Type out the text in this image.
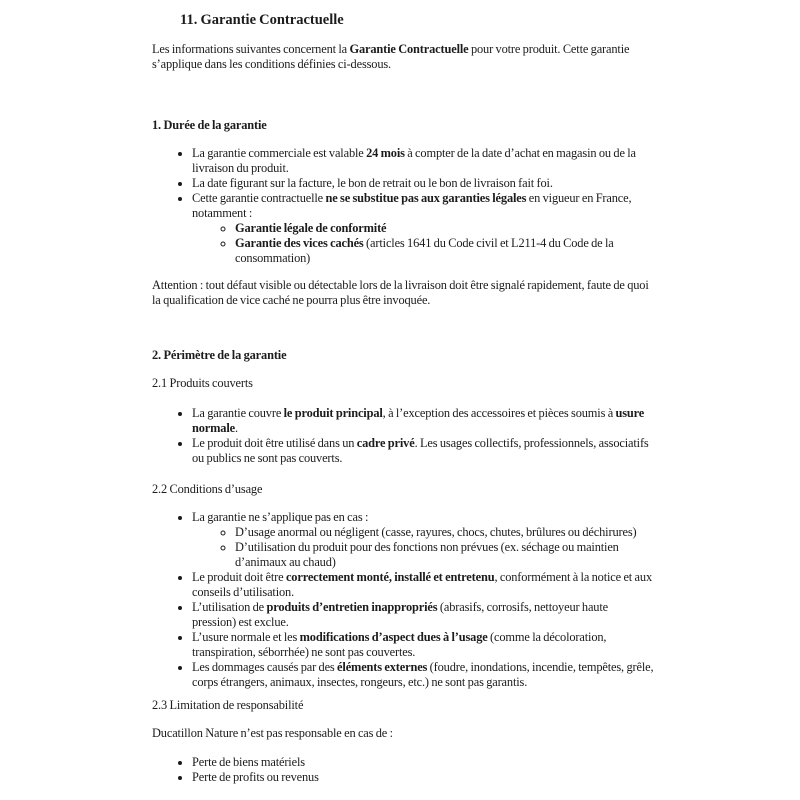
11. Garantie Contractuelle

Les informations suivantes concernent la Garantie Contractuelle pour votre produit. Cette garantie s’applique dans les conditions définies ci-dessous.

1. Durée de la garantie
• La garantie commerciale est valable 24 mois à compter de la date d’achat en magasin ou de la livraison du produit.
• La date figurant sur la facture, le bon de retrait ou le bon de livraison fait foi.
• Cette garantie contractuelle ne se substitue pas aux garanties légales en vigueur en France, notamment :
◦ Garantie légale de conformité
◦ Garantie des vices cachés (articles 1641 du Code civil et L211-4 du Code de la consommation)

Attention : tout défaut visible ou détectable lors de la livraison doit être signalé rapidement, faute de quoi la qualification de vice caché ne pourra plus être invoquée.

2. Périmètre de la garantie
2.1 Produits couverts
• La garantie couvre le produit principal, à l’exception des accessoires et pièces soumis à usure normale.
• Le produit doit être utilisé dans un cadre privé. Les usages collectifs, professionnels, associatifs ou publics ne sont pas couverts.
2.2 Conditions d’usage
• La garantie ne s’applique pas en cas :
◦ D’usage anormal ou négligent (casse, rayures, chocs, chutes, brûlures ou déchirures)
◦ D’utilisation du produit pour des fonctions non prévues (ex. séchage ou maintien d’animaux au chaud)
• Le produit doit être correctement monté, installé et entretenu, conformément à la notice et aux conseils d’utilisation.
• L’utilisation de produits d’entretien inappropriés (abrasifs, corrosifs, nettoyeur haute pression) est exclue.
• L’usure normale et les modifications d’aspect dues à l’usage (comme la décoloration, transpiration, séborrhée) ne sont pas couvertes.
• Les dommages causés par des éléments externes (foudre, inondations, incendie, tempêtes, grêle, corps étrangers, animaux, insectes, rongeurs, etc.) ne sont pas garantis.
2.3 Limitation de responsabilité

Ducatillon Nature n’est pas responsable en cas de :

• Perte de biens matériels
• Perte de profits ou revenus
